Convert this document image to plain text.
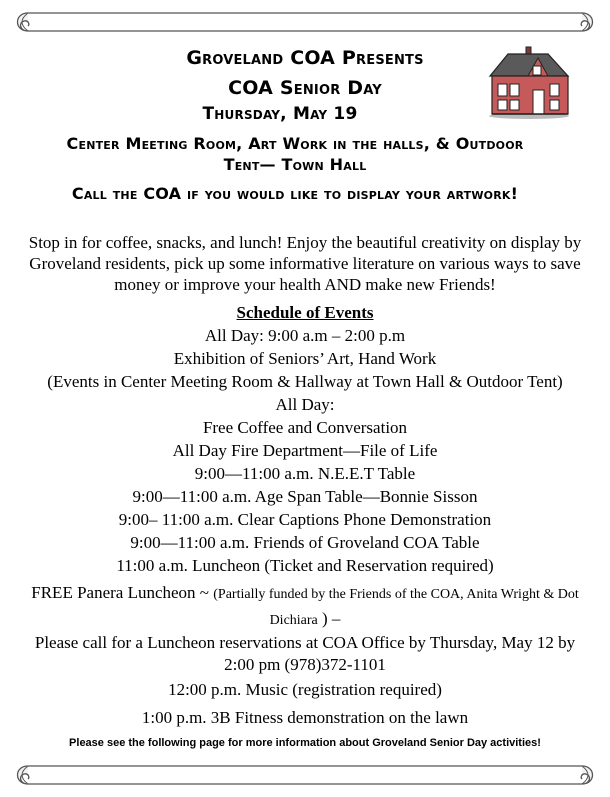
Groveland COA Presents
COA Senior Day
Thursday, May 19
Center Meeting Room, Art Work in the halls, & Outdoor Tent— Town Hall
Call the COA if you would like to display your artwork!
Stop in for coffee, snacks, and lunch! Enjoy the beautiful creativity on display by Groveland residents, pick up some informative literature on various ways to save money or improve your health AND make new Friends!
Schedule of Events
All Day: 9:00 a.m – 2:00 p.m
Exhibition of Seniors’ Art, Hand Work
(Events in Center Meeting Room & Hallway at Town Hall & Outdoor Tent)
All Day:
Free Coffee and Conversation
All Day Fire Department—File of Life
9:00—11:00 a.m. N.E.E.T Table
9:00—11:00 a.m. Age Span Table—Bonnie Sisson
9:00– 11:00 a.m. Clear Captions Phone Demonstration
9:00—11:00 a.m. Friends of Groveland COA Table
11:00 a.m. Luncheon (Ticket and Reservation required)
FREE Panera Luncheon ~ (Partially funded by the Friends of the COA, Anita Wright & Dot Dichiara ) –
Please call for a Luncheon reservations at COA Office by Thursday, May 12 by 2:00 pm (978)372-1101
12:00 p.m. Music (registration required)
1:00 p.m. 3B Fitness demonstration on the lawn
Please see the following page for more information about Groveland Senior Day activities!
